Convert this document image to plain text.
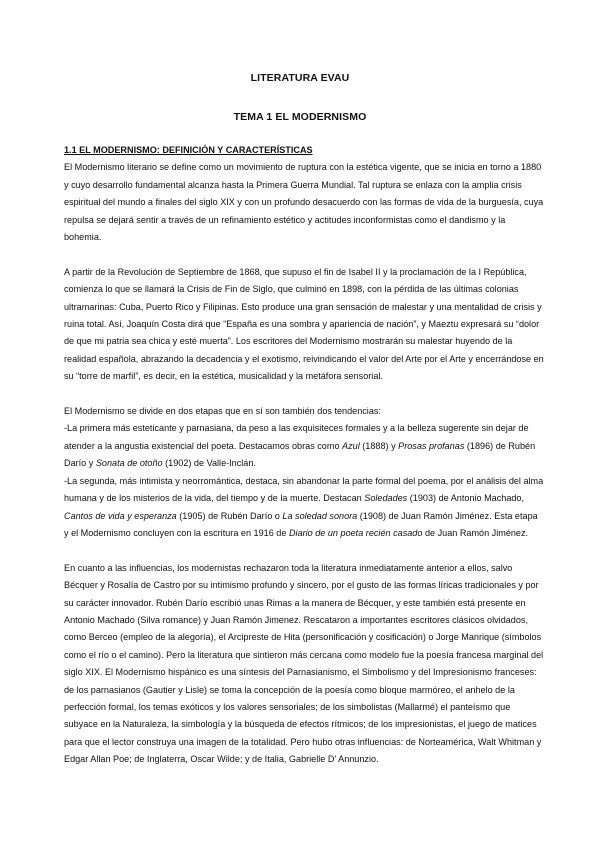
LITERATURA EVAU
TEMA 1 EL MODERNISMO

1.1 EL MODERNISMO: DEFINICIÓN Y CARACTERÍSTICAS

El Modernismo literario se define como un movimiento de ruptura con la estética vigente, que se inicia en torno a 1880 y cuyo desarrollo fundamental alcanza hasta la Primera Guerra Mundial. Tal ruptura se enlaza con la amplia crisis espiritual del mundo a finales del siglo XIX y con un profundo desacuerdo con las formas de vida de la burguesía, cuya repulsa se dejará sentir a través de un refinamiento estético y actitudes inconformistas como el dandismo y la bohemia.

A partir de la Revolución de Septiembre de 1868, que supuso el fin de Isabel II y la proclamación de la I República, comienza lo que se llamará la Crisis de Fin de Siglo, que culminó en 1898, con la pérdida de las últimas colonias ultramarinas: Cuba, Puerto Rico y Filipinas. Esto produce una gran sensación de malestar y una mentalidad de crisis y ruina total. Así, Joaquín Costa dirá que “España es una sombra y apariencia de nación”, y Maeztu expresará su “dolor de que mi patria sea chica y esté muerta”. Los escritores del Modernismo mostrarán su malestar huyendo de la realidad española, abrazando la decadencia y el exotismo, reivindicando el valor del Arte por el Arte y encerrándose en su “torre de marfil”, es decir, en la estética, musicalidad y la metáfora sensorial.

El Modernismo se divide en dos etapas que en sí son también dos tendencias:

-La primera más esteticante y parnasiana, da peso a las exquisiteces formales y a la belleza sugerente sin dejar de atender a la angustia existencial del poeta. Destacamos obras como Azul (1888) y Prosas profanas (1896) de Rubén Darío y Sonata de otoño (1902) de Valle-Inclán.

-La segunda, más intimista y neorromántica, destaca, sin abandonar la parte formal del poema, por el análisis del alma humana y de los misterios de la vida, del tiempo y de la muerte. Destacan Soledades (1903) de Antonio Machado, Cantos de vida y esperanza (1905) de Rubén Darío o La soledad sonora (1908) de Juan Ramón Jiménez. Esta etapa y el Modernismo concluyen con la escritura en 1916 de Diario de un poeta recién casado de Juan Ramón Jiménez.

En cuanto a las influencias, los modernistas rechazaron toda la literatura inmediatamente anterior a ellos, salvo Bécquer y Rosalía de Castro por su intimismo profundo y sincero, por el gusto de las formas líricas tradicionales y por su carácter innovador. Rubén Darío escribió unas Rimas a la manera de Bécquer, y este también está presente en Antonio Machado (Silva romance) y Juan Ramón Jimenez. Rescataron a importantes escritores clásicos olvidados, como Berceo (empleo de la alegoría), el Arcipreste de Hita (personificación y cosificación) o Jorge Manrique (símbolos como el río o el camino). Pero la literatura que sintieron más cercana como modelo fue la poesía francesa marginal del siglo XIX. El Modernismo hispánico es una síntesis del Parnasianismo, el Simbolismo y del Impresionismo franceses: de los parnasianos (Gautier y Lisle) se toma la concepción de la poesía como bloque marmóreo, el anhelo de la perfección formal, los temas exóticos y los valores sensoriales; de los simbolistas (Mallarmé) el panteísmo que subyace en la Naturaleza, la simbología y la búsqueda de efectos rítmicos; de los impresionistas, el juego de matices para que el lector construya una imagen de la totalidad. Pero hubo otras influencias: de Norteamérica, Walt Whitman y Edgar Allan Poe; de Inglaterra, Oscar Wilde; y de Italia, Gabrielle D’ Annunzio.
